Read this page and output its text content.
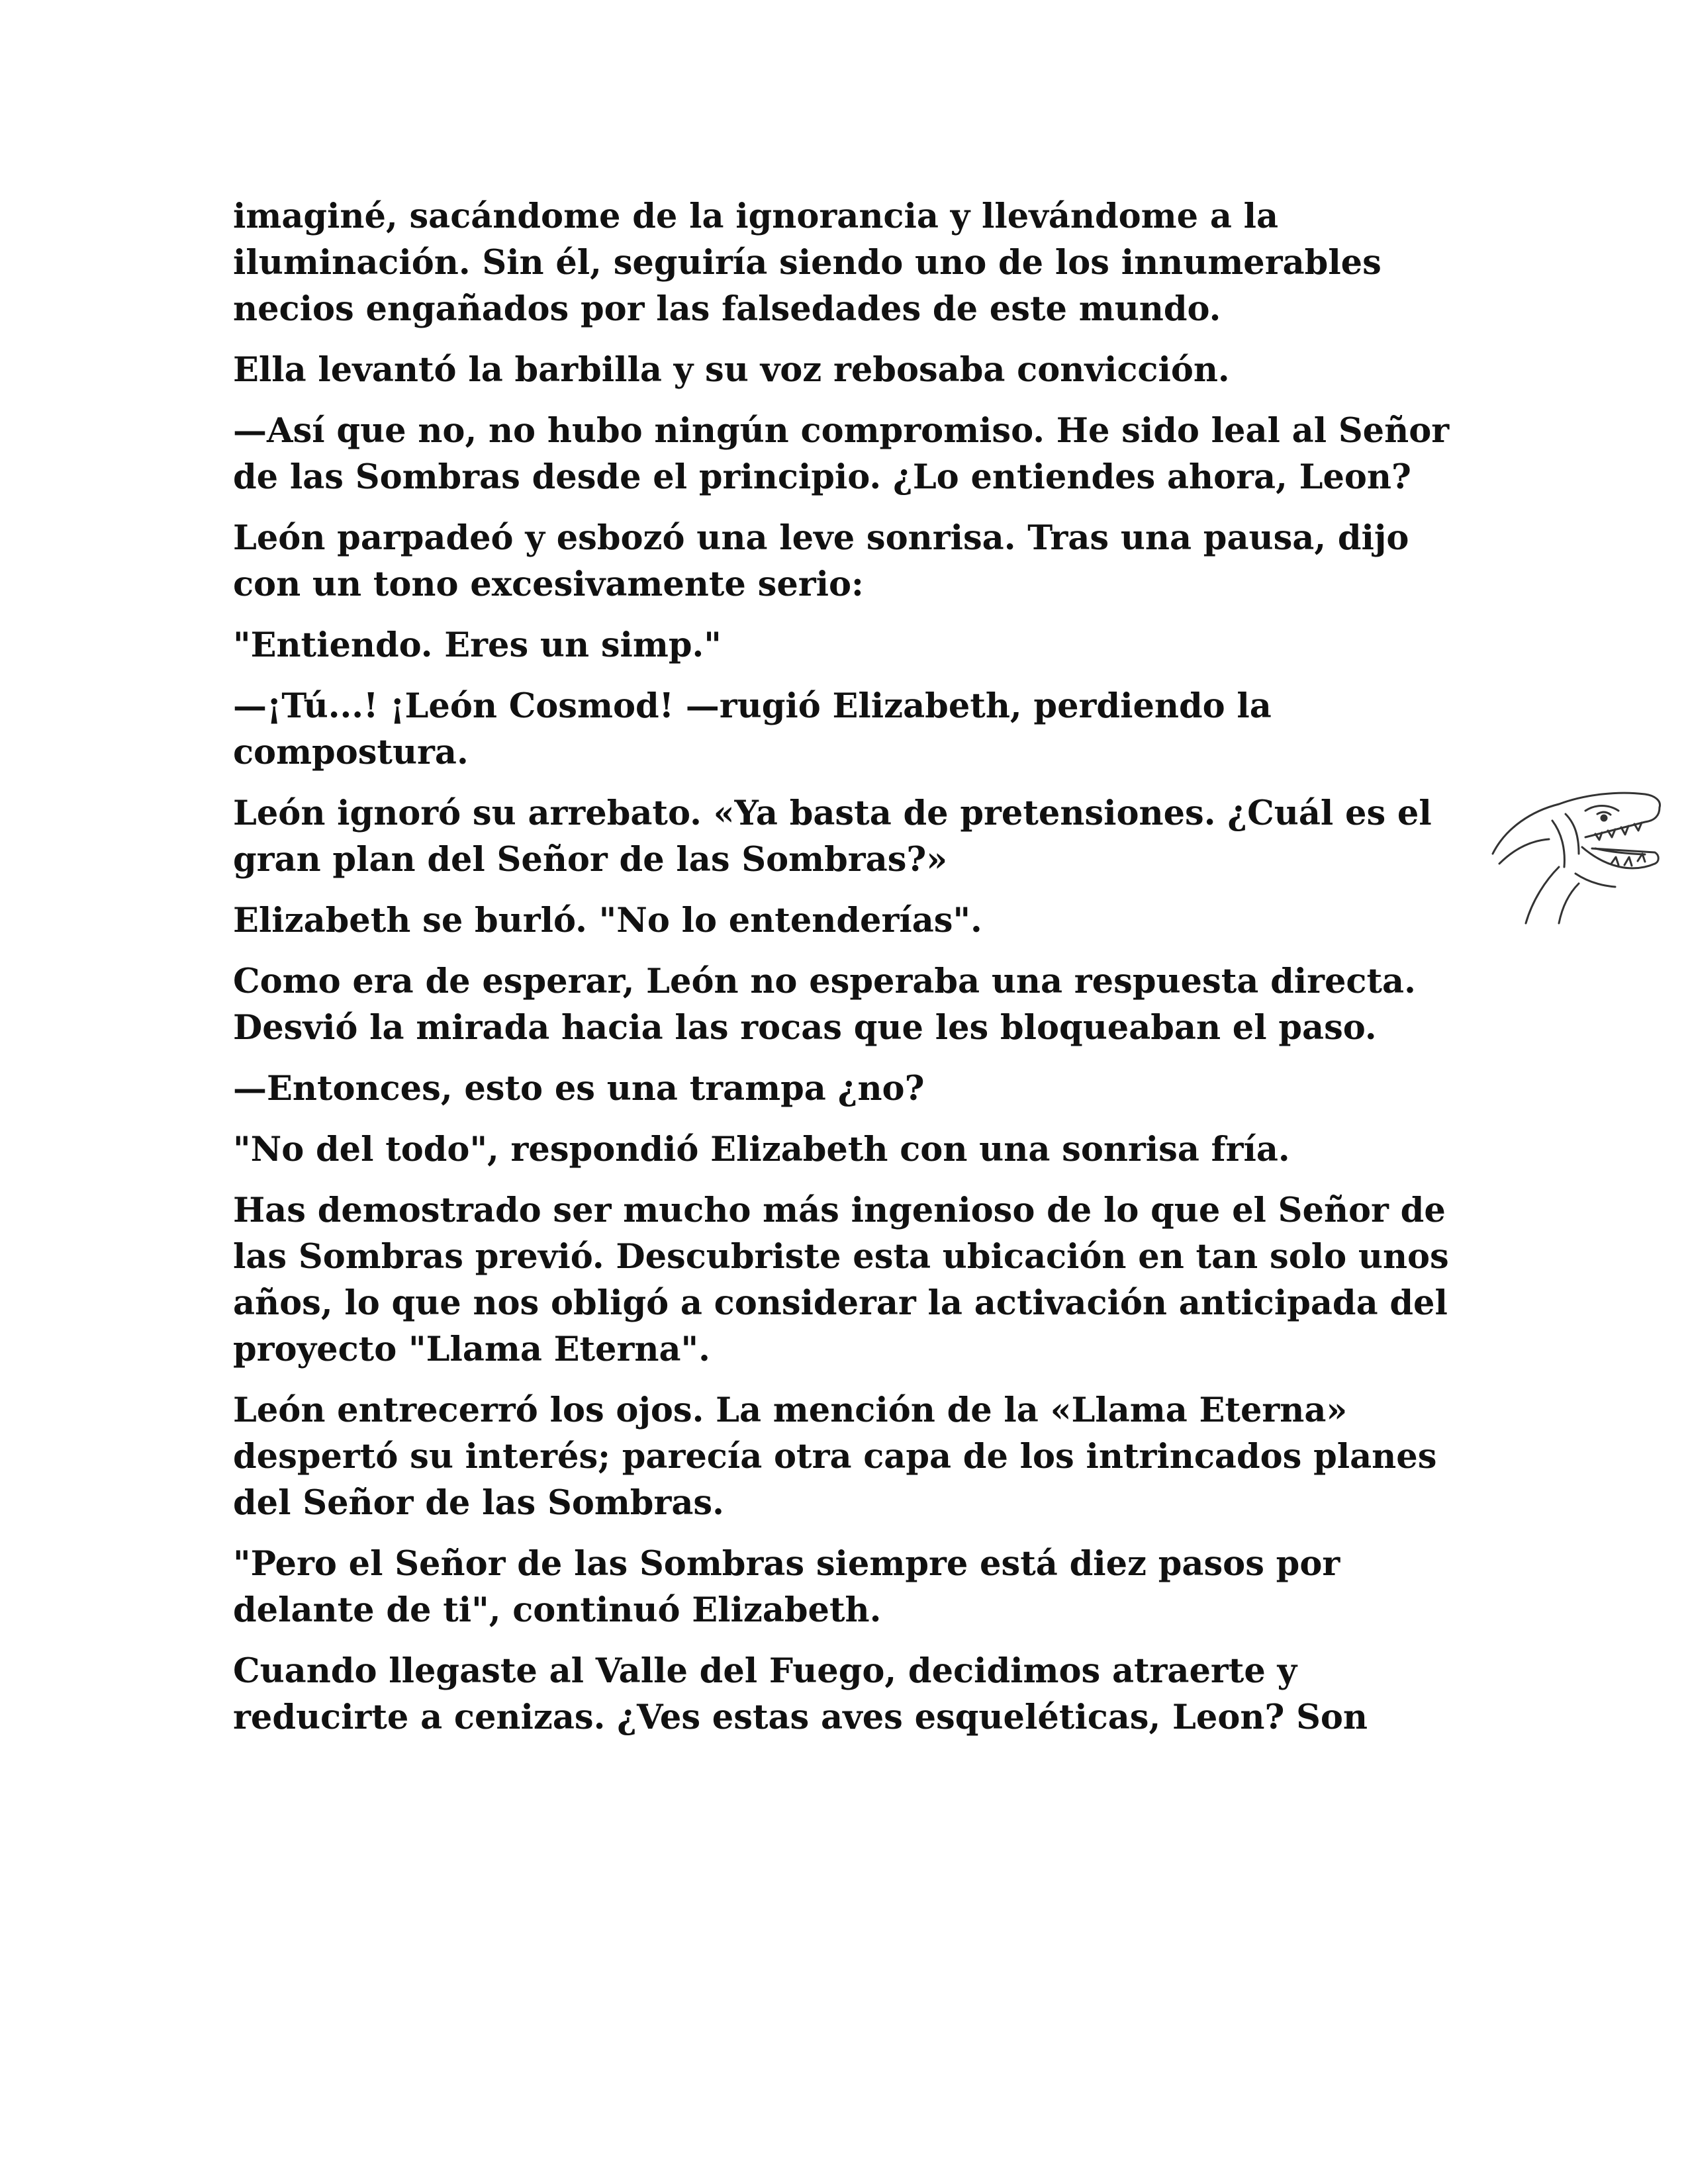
imaginé, sacándome de la ignorancia y llevándome a la iluminación. Sin él, seguiría siendo uno de los innumerables necios engañados por las falsedades de este mundo.

Ella levantó la barbilla y su voz rebosaba convicción.

—Así que no, no hubo ningún compromiso. He sido leal al Señor de las Sombras desde el principio. ¿Lo entiendes ahora, Leon?

León parpadeó y esbozó una leve sonrisa. Tras una pausa, dijo con un tono excesivamente serio:

"Entiendo. Eres un simp."

—¡Tú...! ¡León Cosmod! —rugió Elizabeth, perdiendo la compostura.

León ignoró su arrebato. «Ya basta de pretensiones. ¿Cuál es el gran plan del Señor de las Sombras?»

Elizabeth se burló. "No lo entenderías".

Como era de esperar, León no esperaba una respuesta directa. Desvió la mirada hacia las rocas que les bloqueaban el paso.

—Entonces, esto es una trampa ¿no?

"No del todo", respondió Elizabeth con una sonrisa fría.

Has demostrado ser mucho más ingenioso de lo que el Señor de las Sombras previó. Descubriste esta ubicación en tan solo unos años, lo que nos obligó a considerar la activación anticipada del proyecto "Llama Eterna".

León entrecerró los ojos. La mención de la «Llama Eterna» despertó su interés; parecía otra capa de los intrincados planes del Señor de las Sombras.

"Pero el Señor de las Sombras siempre está diez pasos por delante de ti", continuó Elizabeth.

Cuando llegaste al Valle del Fuego, decidimos atraerte y reducirte a cenizas. ¿Ves estas aves esqueléticas, Leon? Son
